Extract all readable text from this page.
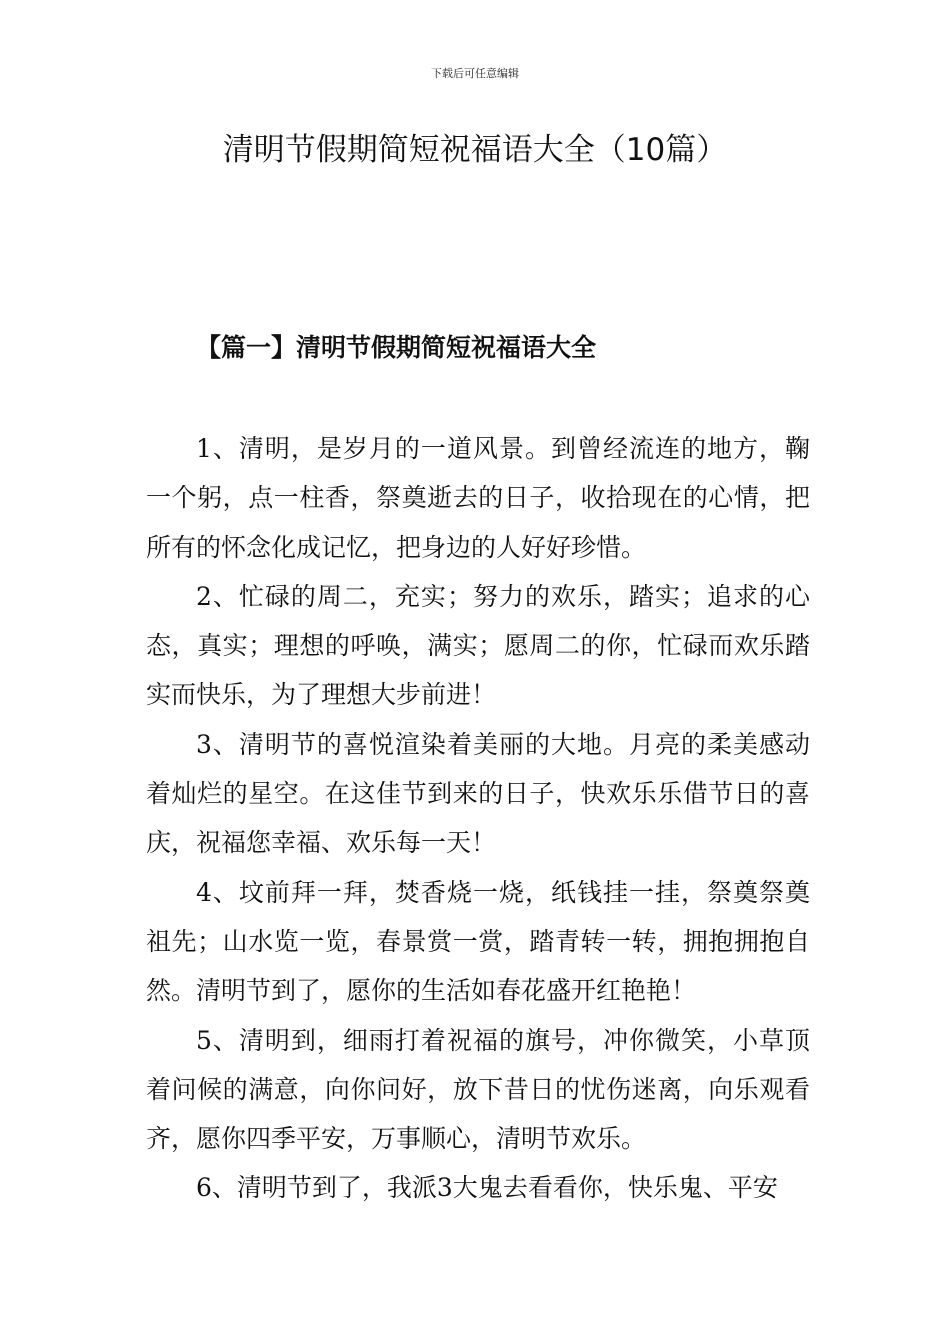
下载后可任意编辑
清明节假期简短祝福语大全（10篇）
【篇一】清明节假期简短祝福语大全

1、清明，是岁月的一道风景。到曾经流连的地方，鞠一个躬，点一柱香，祭奠逝去的日子，收拾现在的心情，把所有的怀念化成记忆，把身边的人好好珍惜。

2、忙碌的周二，充实；努力的欢乐，踏实；追求的心态，真实；理想的呼唤，满实；愿周二的你，忙碌而欢乐踏实而快乐，为了理想大步前进！

3、清明节的喜悦渲染着美丽的大地。月亮的柔美感动着灿烂的星空。在这佳节到来的日子，快欢乐乐借节日的喜庆，祝福您幸福、欢乐每一天！

4、坟前拜一拜，焚香烧一烧，纸钱挂一挂，祭奠祭奠祖先；山水览一览，春景赏一赏，踏青转一转，拥抱拥抱自然。清明节到了，愿你的生活如春花盛开红艳艳！

5、清明到，细雨打着祝福的旗号，冲你微笑，小草顶着问候的满意，向你问好，放下昔日的忧伤迷离，向乐观看齐，愿你四季平安，万事顺心，清明节欢乐。

6、清明节到了，我派3大鬼去看看你，快乐鬼、平安
